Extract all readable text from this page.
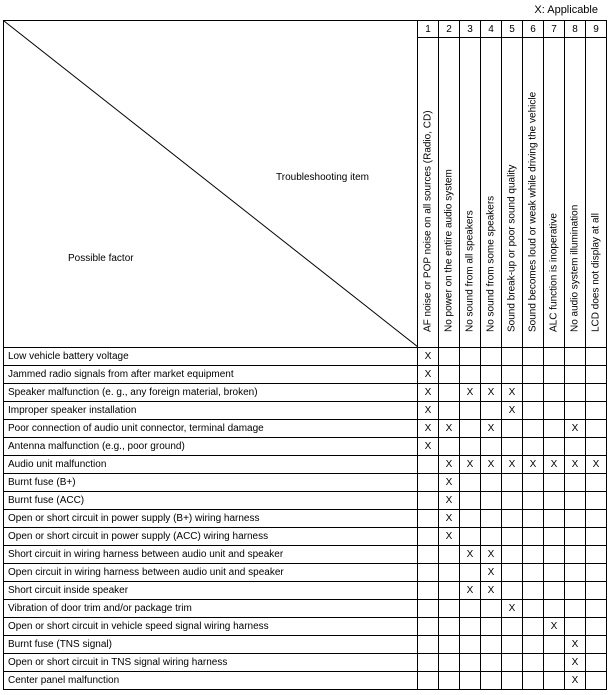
X: Applicable
Troubleshooting item
Possible factor	1	2	3	4	5	6	7	8	9

	AF noise or POP noise on all sources (Radio, CD)	No power on the entire audio system	No sound from all speakers	No sound from some speakers	Sound break-up or poor sound quality	Sound becomes loud or weak while driving the vehicle	ALC function is inoperative	No audio system illumination	LCD does not display at all

Low vehicle battery voltage	X								
Jammed radio signals from after market equipment	X								
Speaker malfunction (e. g., any foreign material, broken)	X		X	X	X				
Improper speaker installation	X				X				
Poor connection of audio unit connector, terminal damage	X	X		X				X	
Antenna malfunction (e.g., poor ground)	X								
Audio unit malfunction		X	X	X	X	X	X	X	X
Burnt fuse (B+)		X							
Burnt fuse (ACC)		X							
Open or short circuit in power supply (B+) wiring harness		X							
Open or short circuit in power supply (ACC) wiring harness		X							
Short circuit in wiring harness between audio unit and speaker			X	X					
Open circuit in wiring harness between audio unit and speaker				X					
Short circuit inside speaker			X	X					
Vibration of door trim and/or package trim					X				
Open or short circuit in vehicle speed signal wiring harness							X		
Burnt fuse (TNS signal)								X	
Open or short circuit in TNS signal wiring harness								X	
Center panel malfunction								X	
